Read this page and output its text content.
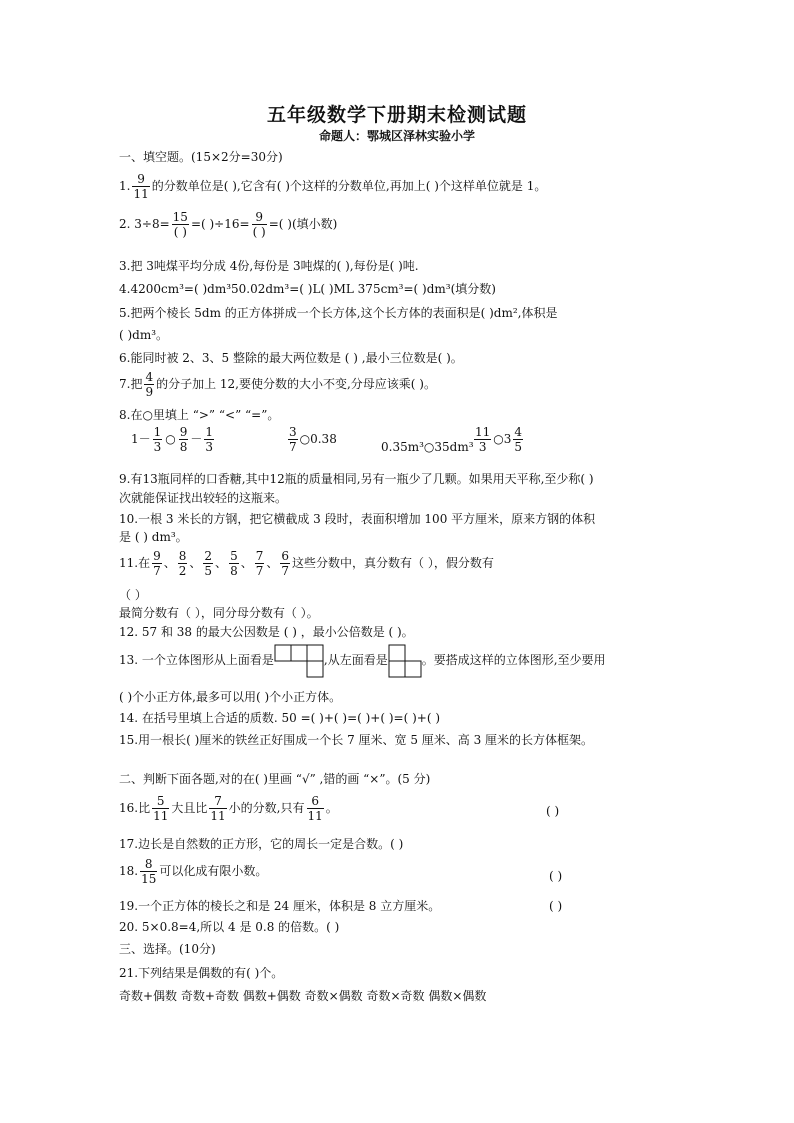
五年级数学下册期末检测试题
命题人：鄂城区泽林实验小学
一、填空题。(15×2分=30分)
1. $\frac{9}{11}$ 的分数单位是( ),它含有( )个这样的分数单位,再加上( )个这样单位就是 1。
2. $3\div 8= \frac{15}{( )}$ =( )$\div 16= \frac{9}{( )}$ =( )(填小数)
3.把 3吨煤平均分成 4份,每份是 3吨煤的( ),每份是( )吨.
4.4200cm³=( )dm³50.02dm³=( )L( )ML 375cm³=( )dm³(填分数)
5.把两个棱长 5dm 的正方体拼成一个长方体,这个长方体的表面积是( )dm²,体积是
( )dm³。
6.能同时被 2、3、5 整除的最大两位数是 ( ) ,最小三位数是( )。
7.把 $\frac{4}{9}$ 的分子加上 12,要使分数的大小不变,分母应该乘( )。
8.在○里填上 “>” “<” “=”。
$1- \frac{1}{3}$ ○ $\frac{9}{8} - \frac{1}{3}$	$\frac{3}{7}$ ○0.38
0.35m³○35dm³ $\frac{11}{3}$ ○3 $\frac{4}{5}$
9.有13瓶同样的口香糖,其中12瓶的质量相同,另有一瓶少了几颗。如果用天平称,至少称( )
次就能保证找出较轻的这瓶来。
10.一根 3 米长的方钢，把它横截成 3 段时，表面积增加 100 平方厘米，原来方钢的体积
是 ( ) dm³。
11.在 $\frac{9}{7}$ 、 $\frac{8}{2}$ 、 $\frac{2}{5}$ 、 $\frac{5}{8}$ 、 $\frac{7}{7}$ 、 $\frac{6}{7}$ 这些分数中，真分数有（ ），假分数有
（ ）
最简分数有（ ），同分母分数有（ ）。
12. 57 和 38 的最大公因数是 ( ) ，最小公倍数是 ( )。
13. 一个立体图形从上面看是	,从左面看是	。要搭成这样的立体图形,至少要用
( )个小正方体,最多可以用( )个小正方体。
14. 在括号里填上合适的质数. 50 =( )+( )=( )+( )=( )+( )
15.用一根长( )厘米的铁丝正好围成一个长 7 厘米、宽 5 厘米、高 3 厘米的长方体框架。
二、判断下面各题,对的在( )里画 “√” ,错的画 “×”。(5 分)
16.比 $\frac{5}{11}$ 大且比 $\frac{7}{11}$ 小的分数,只有 $\frac{6}{11}$ 。	( )
17.边长是自然数的正方形，它的周长一定是合数。( )
18. $\frac{8}{15}$ 可以化成有限小数。	( )
19.一个正方体的棱长之和是 24 厘米，体积是 8 立方厘米。	( )
20. 5×0.8=4,所以 4 是 0.8 的倍数。( )
三、选择。(10分)
21.下列结果是偶数的有( )个。
奇数+偶数 奇数+奇数 偶数+偶数 奇数×偶数 奇数×奇数 偶数×偶数
